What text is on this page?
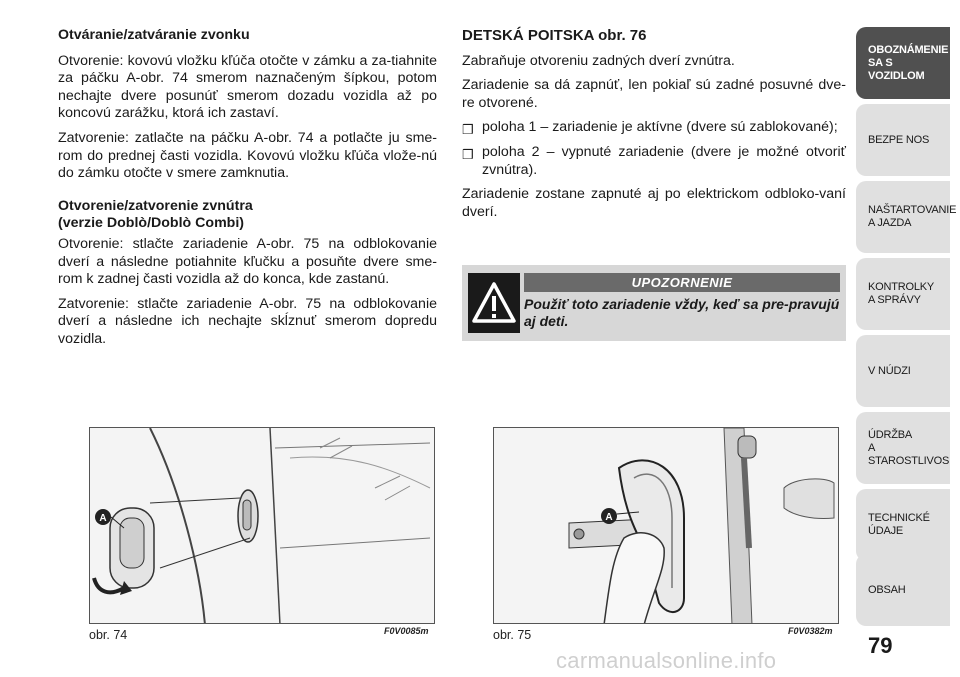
Otváranie/zatváranie zvonku

Otvorenie: kovovú vložku kľúča otočte v zámku a za-tiahnite za páčku A-obr. 74 smerom naznačeným šípkou, potom nechajte dvere posunúť smerom dozadu vozidla až po koncovú zarážku, ktorá ich zastaví.

Zatvorenie: zatlačte na páčku A-obr. 74 a potlačte ju sme-rom do prednej časti vozidla. Kovovú vložku kľúča vlože-nú do zámku otočte v smere zamknutia.

Otvorenie/zatvorenie zvnútra
(verzie Doblò/Doblò Combi)

Otvorenie: stlačte zariadenie A-obr. 75 na odblokovanie dverí a následne potiahnite kľučku a posuňte dvere sme-rom k zadnej časti vozidla až do konca, kde zastanú.

Zatvorenie: stlačte zariadenie A-obr. 75 na odblokovanie dverí a následne ich nechajte skĺznuť smerom dopredu vozidla.

DETSKÁ POITSKA obr. 76

Zabraňuje otvoreniu zadných dverí zvnútra.

Zariadenie sa dá zapnúť, len pokiaľ sú zadné posuvné dve-re otvorené.

❒ poloha 1 – zariadenie je aktívne (dvere sú zablokované);
❒ poloha 2 – vypnuté zariadenie (dvere je možné otvoriť zvnútra).

Zariadenie zostane zapnuté aj po elektrickom odbloko-vaní dverí.

UPOZORNENIE
Použiť toto zariadenie vždy, keď sa pre-pravujú aj deti.
A
obr. 74	F0V0085m
A
obr. 75	F0V0382m
OBOZNÁMENIE
SA S VOZIDLOM
BEZPE NOS
NAŠTARTOVANIE
A JAZDA
KONTROLKY
A SPRÁVY
V NÚDZI
ÚDRŽBA
A STAROSTLIVOS
TECHNICKÉ
ÚDAJE
OBSAH
79
carmanualsonline.info
